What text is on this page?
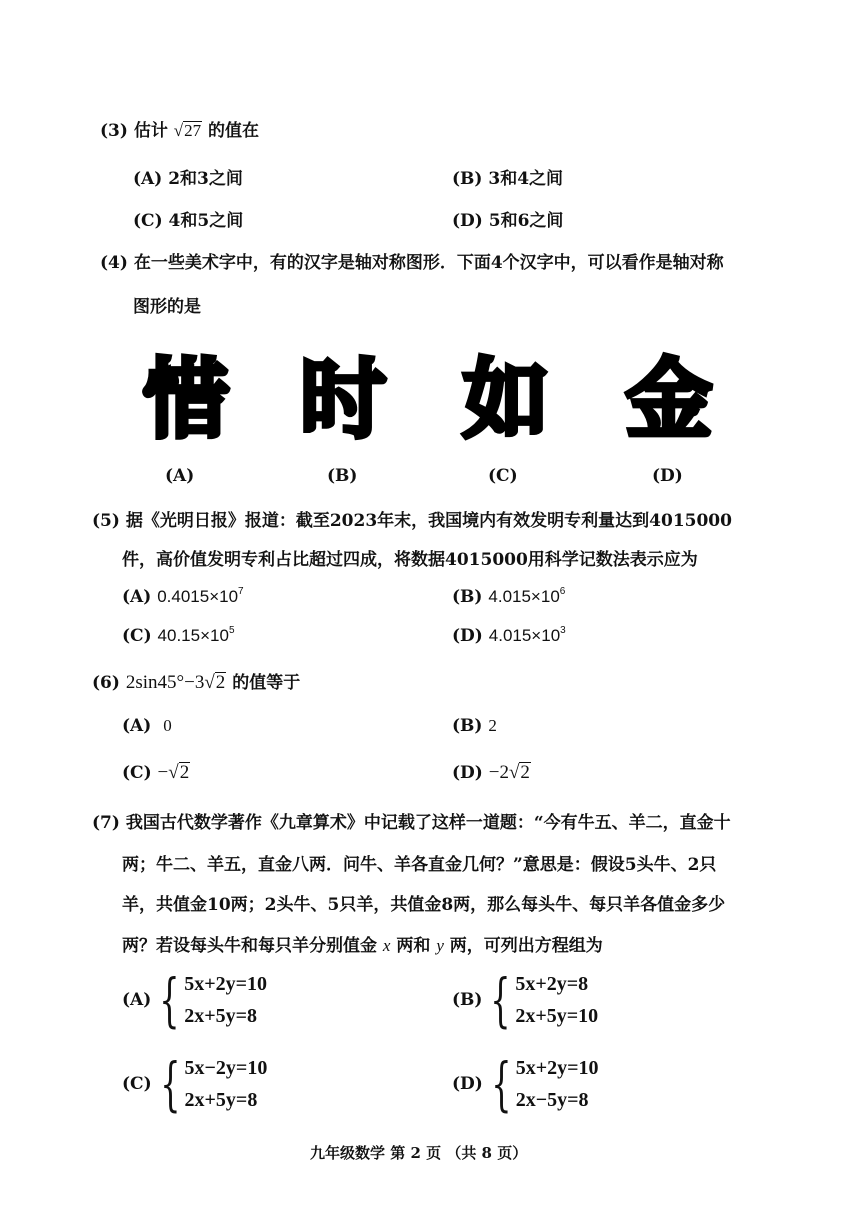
(3) 估计 √27 的值在
(A) 2和3之间	(B) 3和4之间
(C) 4和5之间	(D) 5和6之间
(4) 在一些美术字中，有的汉字是轴对称图形．下面4个汉字中，可以看作是轴对称
图形的是
惜 时 如 金
(A)	(B)	(C)	(D)
(5) 据《光明日报》报道：截至2023年末，我国境内有效发明专利量达到4015000
件，高价值发明专利占比超过四成，将数据4015000用科学记数法表示应为
(A) $0.4015\times 10^7$	(B) $4.015\times 10^6$
(C) $40.15\times 10^5$	(D) $4.015\times 10^3$
(6) 2sin45°−3√2 的值等于
(A) 0	(B) 2
(C) −√2	(D) −2√2
(7) 我国古代数学著作《九章算术》中记载了这样一道题：“今有牛五、羊二，直金十
两；牛二、羊五，直金八两．问牛、羊各直金几何？”意思是：假设5头牛、2只
羊，共值金10两；2头牛、5只羊，共值金8两，那么每头牛、每只羊各值金多少
两？若设每头牛和每只羊分别值金 x 两和 y 两，可列出方程组为
(A) { 5x+2y=10
2x+5y=8
(B) { 5x+2y=8
2x+5y=10
(C) { 5x−2y=10
2x+5y=8
(D) { 5x+2y=10
2x−5y=8
九年级数学 第 2 页 （共 8 页）
